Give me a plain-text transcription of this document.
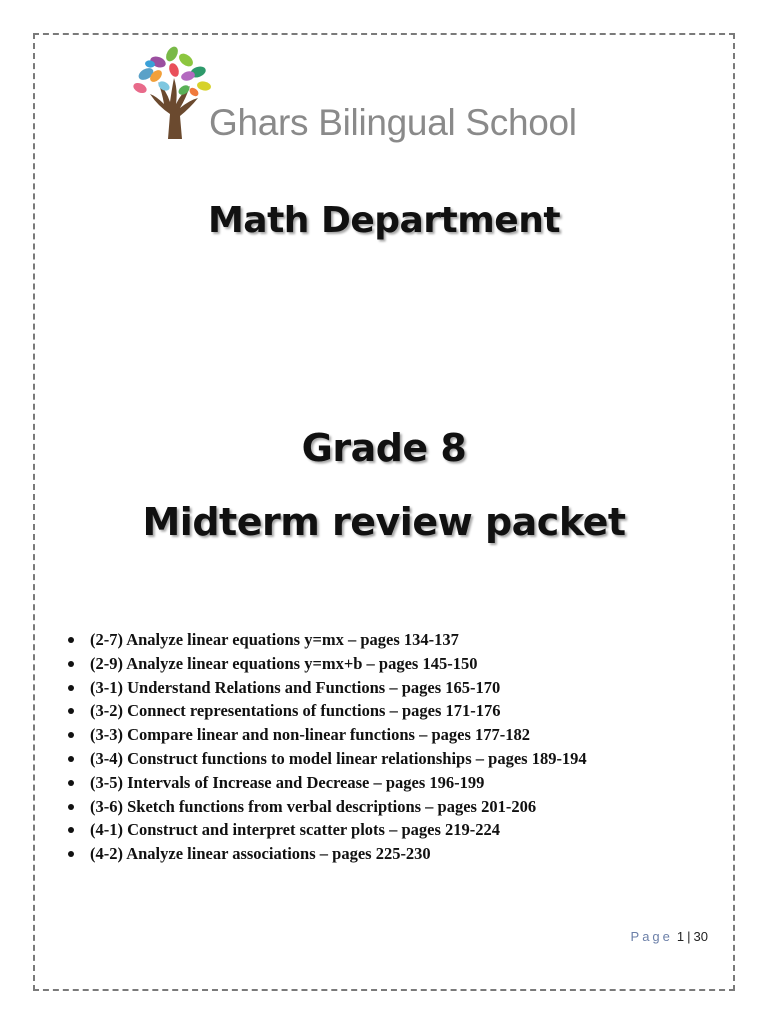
Ghars Bilingual School
Math Department
Grade 8
Midterm review packet
(2-7) Analyze linear equations y=mx – pages 134-137
(2-9) Analyze linear equations y=mx+b – pages 145-150
(3-1) Understand Relations and Functions – pages 165-170
(3-2) Connect representations of functions – pages 171-176
(3-3) Compare linear and non-linear functions – pages 177-182
(3-4) Construct functions to model linear relationships – pages 189-194
(3-5) Intervals of Increase and Decrease – pages 196-199
(3-6) Sketch functions from verbal descriptions – pages 201-206
(4-1) Construct and interpret scatter plots – pages 219-224
(4-2) Analyze linear associations – pages 225-230
Page 1 | 30
